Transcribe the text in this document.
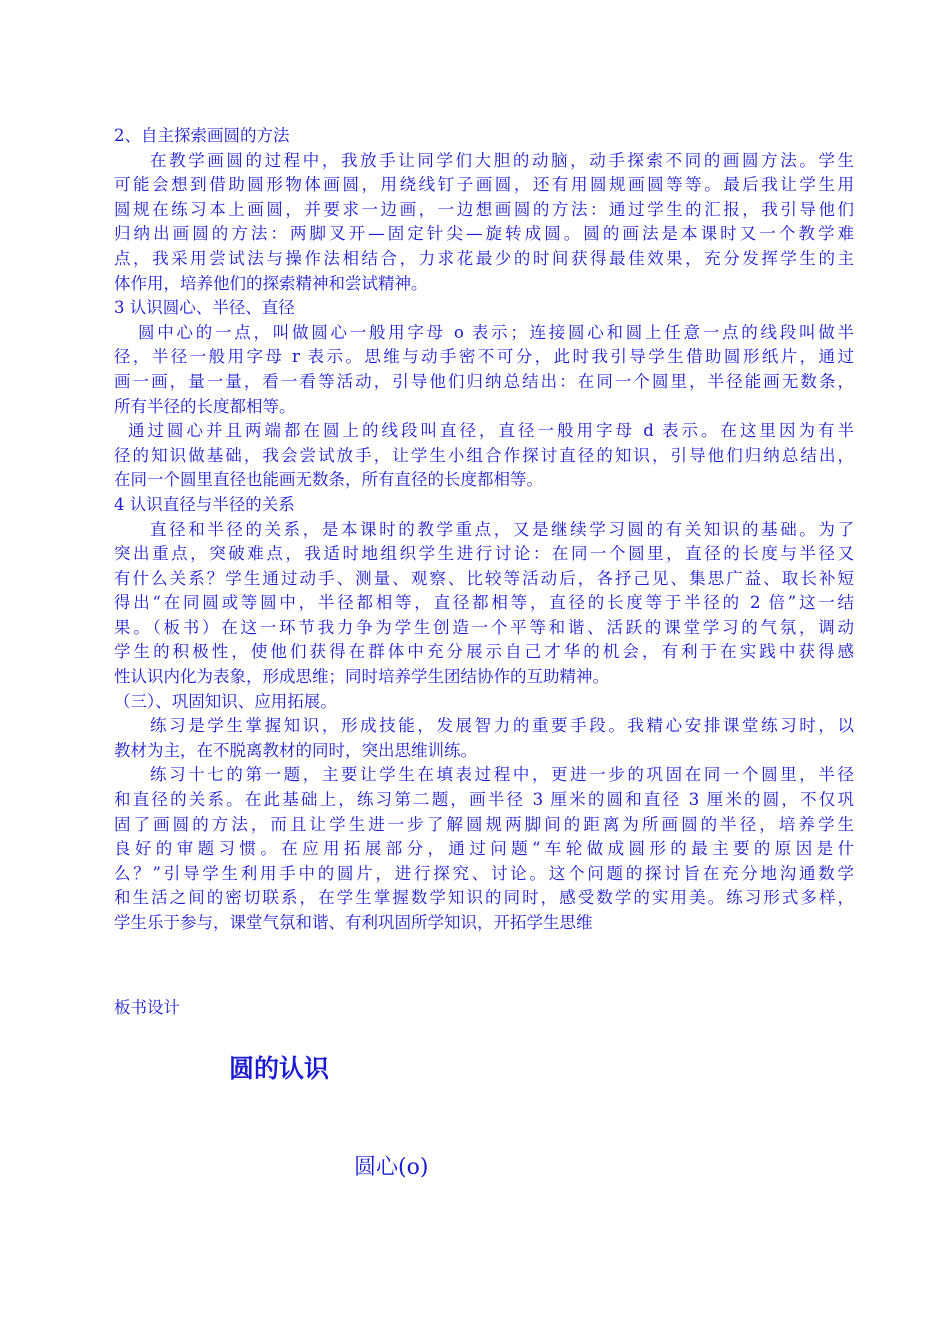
2、自主探索画圆的方法
在教学画圆的过程中，我放手让同学们大胆的动脑，动手探索不同的画圆方法。学生
可能会想到借助圆形物体画圆，用绕线钉子画圆，还有用圆规画圆等等。最后我让学生用
圆规在练习本上画圆，并要求一边画，一边想画圆的方法：通过学生的汇报，我引导他们
归纳出画圆的方法：两脚叉开—固定针尖—旋转成圆。圆的画法是本课时又一个教学难
点，我采用尝试法与操作法相结合，力求花最少的时间获得最佳效果，充分发挥学生的主
体作用，培养他们的探索精神和尝试精神。
3 认识圆心、半径、直径
圆中心的一点，叫做圆心一般用字母 o 表示；连接圆心和圆上任意一点的线段叫做半
径，半径一般用字母 r 表示。思维与动手密不可分，此时我引导学生借助圆形纸片，通过
画一画，量一量，看一看等活动，引导他们归纳总结出：在同一个圆里，半径能画无数条，
所有半径的长度都相等。
通过圆心并且两端都在圆上的线段叫直径，直径一般用字母 d 表示。在这里因为有半
径的知识做基础，我会尝试放手，让学生小组合作探讨直径的知识，引导他们归纳总结出，
在同一个圆里直径也能画无数条，所有直径的长度都相等。
4 认识直径与半径的关系
直径和半径的关系，是本课时的教学重点，又是继续学习圆的有关知识的基础。为了
突出重点，突破难点，我适时地组织学生进行讨论：在同一个圆里，直径的长度与半径又
有什么关系？学生通过动手、测量、观察、比较等活动后，各抒己见、集思广益、取长补短
得出“在同圆或等圆中，半径都相等，直径都相等，直径的长度等于半径的 2 倍”这一结
果。（板书）在这一环节我力争为学生创造一个平等和谐、活跃的课堂学习的气氛，调动
学生的积极性，使他们获得在群体中充分展示自己才华的机会，有利于在实践中获得感
性认识内化为表象，形成思维；同时培养学生团结协作的互助精神。
（三）、巩固知识、应用拓展。
练习是学生掌握知识，形成技能，发展智力的重要手段。我精心安排课堂练习时，以
教材为主，在不脱离教材的同时，突出思维训练。
练习十七的第一题，主要让学生在填表过程中，更进一步的巩固在同一个圆里，半径
和直径的关系。在此基础上，练习第二题，画半径 3 厘米的圆和直径 3 厘米的圆，不仅巩
固了画圆的方法，而且让学生进一步了解圆规两脚间的距离为所画圆的半径，培养学生
良好的审题习惯。在应用拓展部分，通过问题“车轮做成圆形的最主要的原因是什
么？”引导学生利用手中的圆片，进行探究、讨论。这个问题的探讨旨在充分地沟通数学
和生活之间的密切联系，在学生掌握数学知识的同时，感受数学的实用美。练习形式多样，
学生乐于参与，课堂气氛和谐、有利巩固所学知识，开拓学生思维
板书设计
圆的认识
圆心(o)
